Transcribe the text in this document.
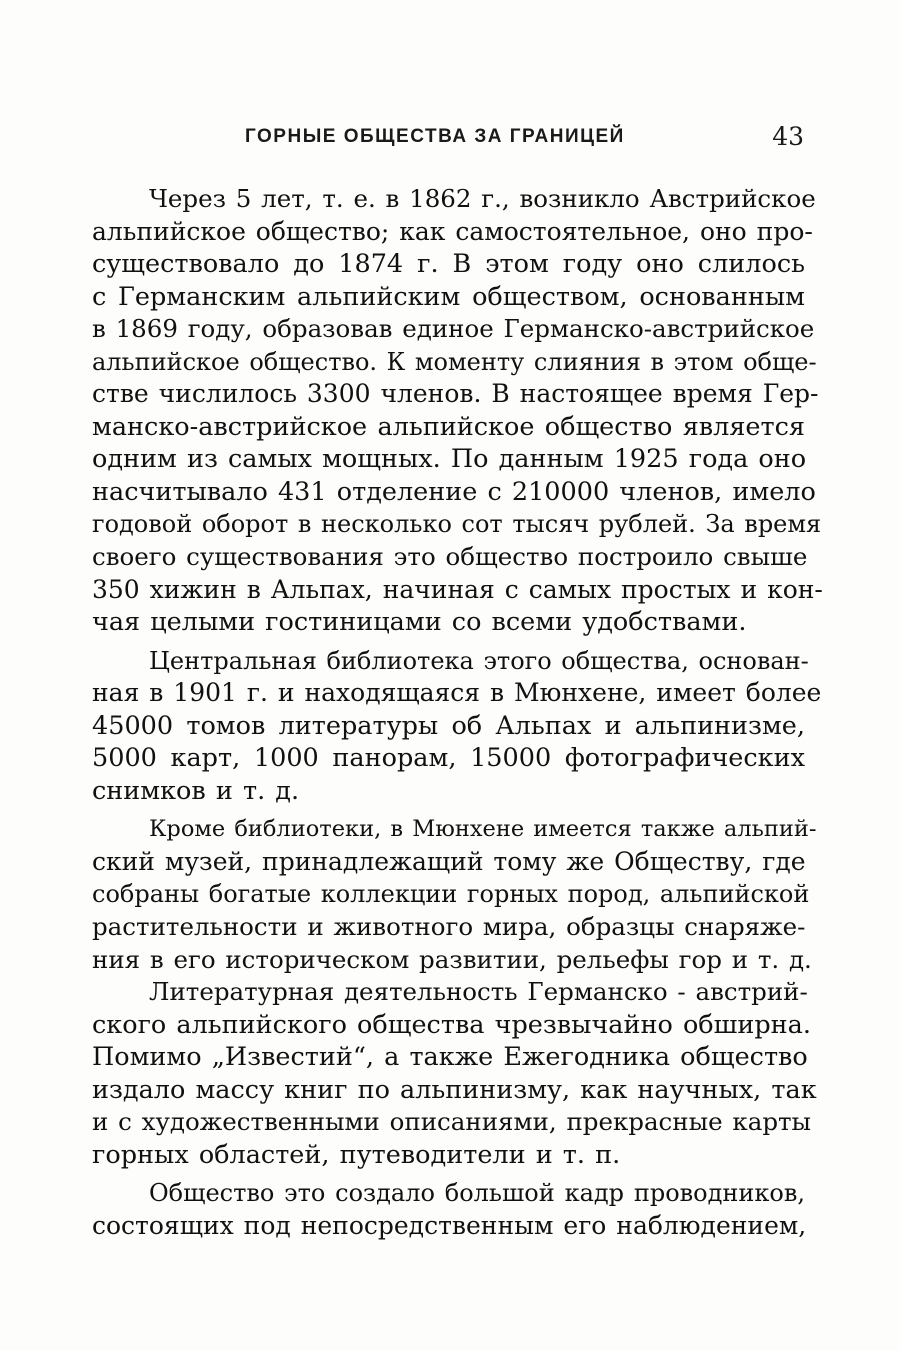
ГОРНЫЕ ОБЩЕСТВА ЗА ГРАНИЦЕЙ	43
Через 5 лет, т. е. в 1862 г., возникло Австрийское
альпийское общество; как самостоятельное, оно про-
существовало до 1874 г. В этом году оно слилось
с Германским альпийским обществом, основанным
в 1869 году, образовав единое Германско-австрийское
альпийское общество. К моменту слияния в этом обще-
стве числилось 3300 членов. В настоящее время Гер-
манско-австрийское альпийское общество является
одним из самых мощных. По данным 1925 года оно
насчитывало 431 отделение с 210000 членов, имело
годовой оборот в несколько сот тысяч рублей. За время
своего существования это общество построило свыше
350 хижин в Альпах, начиная с самых простых и кон-
чая целыми гостиницами со всеми удобствами.
Центральная библиотека этого общества, основан-
ная в 1901 г. и находящаяся в Мюнхене, имеет более
45000 томов литературы об Альпах и альпинизме,
5000 карт, 1000 панорам, 15000 фотографических
снимков и т. д.
Кроме библиотеки, в Мюнхене имеется также альпий-
ский музей, принадлежащий тому же Обществу, где
собраны богатые коллекции горных пород, альпийской
растительности и животного мира, образцы снаряже-
ния в его историческом развитии, рельефы гор и т. д.
Литературная деятельность Германско - австрий-
ского альпийского общества чрезвычайно обширна.
Помимо „Известий“, а также Ежегодника общество
издало массу книг по альпинизму, как научных, так
и с художественными описаниями, прекрасные карты
горных областей, путеводители и т. п.
Общество это создало большой кадр проводников,
состоящих под непосредственным его наблюдением,
